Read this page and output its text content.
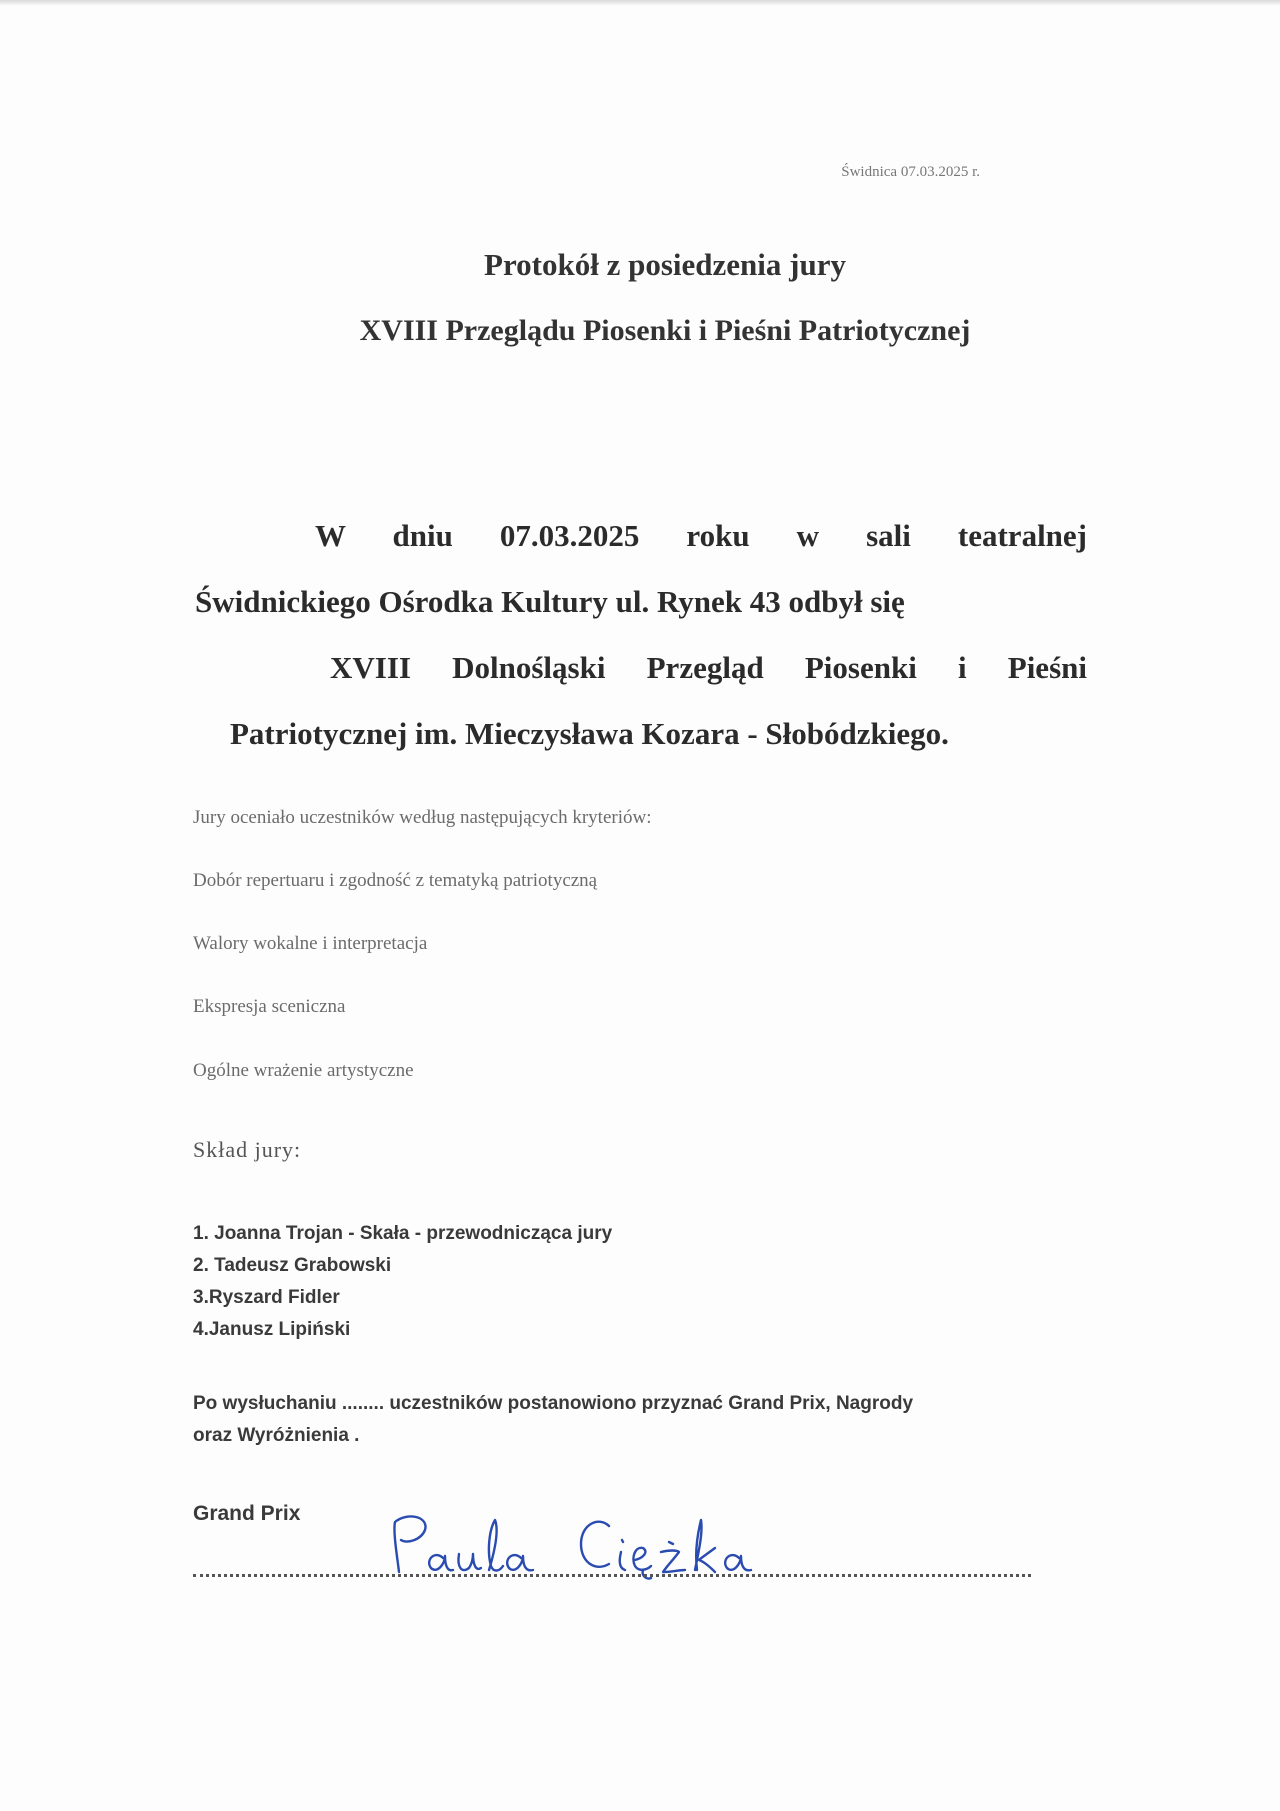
Świdnica 07.03.2025 r.
Protokół z posiedzenia jury
XVIII Przeglądu Piosenki i Pieśni Patriotycznej
W dniu 07.03.2025 roku w sali teatralnej
Świdnickiego Ośrodka Kultury ul. Rynek 43 odbył się
XVIII Dolnośląski Przegląd Piosenki i Pieśni
Patriotycznej im. Mieczysława Kozara - Słobódzkiego.
Jury oceniało uczestników według następujących kryteriów:
Dobór repertuaru i zgodność z tematyką patriotyczną
Walory wokalne i interpretacja
Ekspresja sceniczna
Ogólne wrażenie artystyczne
Skład jury:
1. Joanna Trojan - Skała - przewodnicząca jury
2. Tadeusz Grabowski
3.Ryszard Fidler
4.Janusz Lipiński
Po wysłuchaniu ........ uczestników postanowiono przyznać Grand Prix, Nagrody
oraz Wyróżnienia .
Grand Prix
